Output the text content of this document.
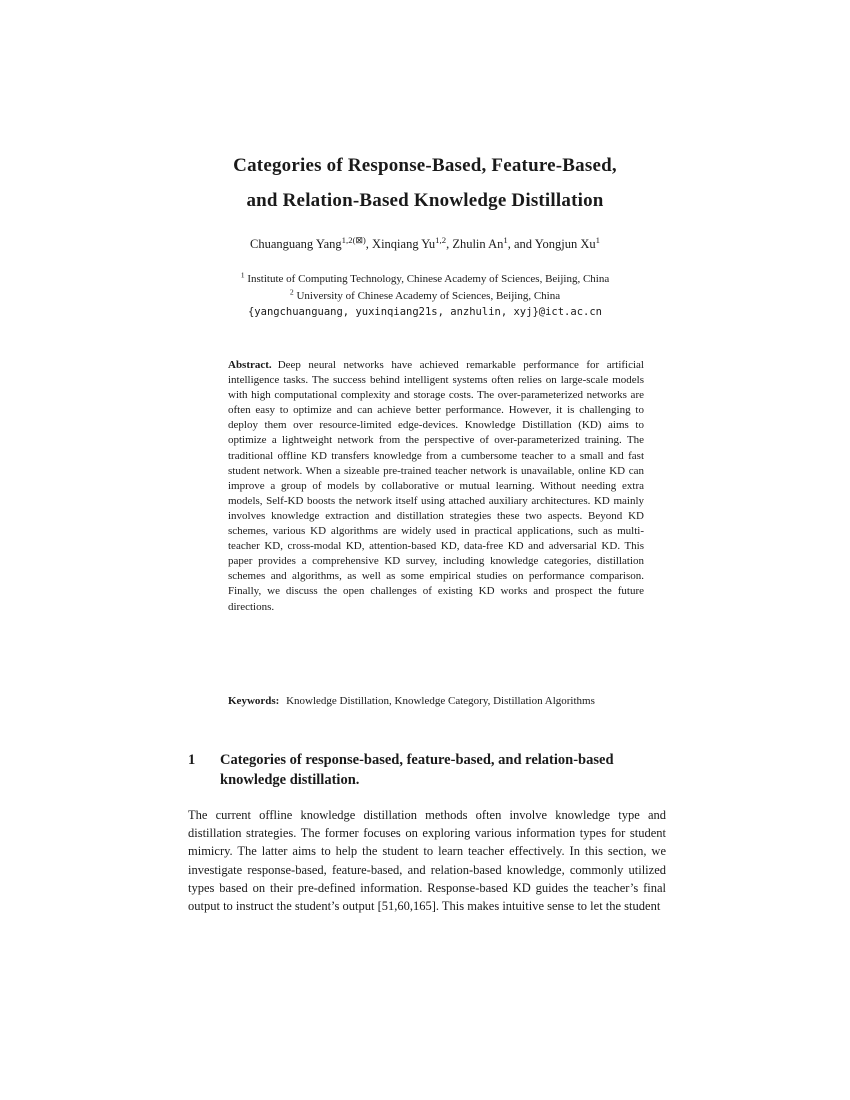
Categories of Response-Based, Feature-Based,
and Relation-Based Knowledge Distillation
Chuanguang Yang$^{1,2(⊠)}$, Xinqiang Yu$^{1,2}$, Zhulin An$^1$, and Yongjun Xu$^1$
$^1$ Institute of Computing Technology, Chinese Academy of Sciences, Beijing, China
$^2$ University of Chinese Academy of Sciences, Beijing, China
{yangchuanguang, yuxinqiang21s, anzhulin, xyj}@ict.ac.cn
Abstract. Deep neural networks have achieved remarkable performance for artificial intelligence tasks. The success behind intelligent systems often relies on large-scale models with high computational complexity and storage costs. The over-parameterized networks are often easy to optimize and can achieve better performance. However, it is challenging to deploy them over resource-limited edge-devices. Knowledge Distillation (KD) aims to optimize a lightweight network from the perspective of over-parameterized training. The traditional offline KD transfers knowledge from a cumbersome teacher to a small and fast student network. When a sizeable pre-trained teacher network is unavailable, online KD can improve a group of models by collaborative or mutual learning. Without needing extra models, Self-KD boosts the network itself using attached auxiliary architectures. KD mainly involves knowledge extraction and distillation strategies these two aspects. Beyond KD schemes, various KD algorithms are widely used in practical applications, such as multi-teacher KD, cross-modal KD, attention-based KD, data-free KD and adversarial KD. This paper provides a comprehensive KD survey, including knowledge categories, distillation schemes and algorithms, as well as some empirical studies on performance comparison. Finally, we discuss the open challenges of existing KD works and prospect the future directions.
Keywords: Knowledge Distillation, Knowledge Category, Distillation Algorithms
1	Categories of response-based, feature-based, and relation-based knowledge distillation.
The current offline knowledge distillation methods often involve knowledge type and distillation strategies. The former focuses on exploring various information types for student mimicry. The latter aims to help the student to learn teacher effectively. In this section, we investigate response-based, feature-based, and relation-based knowledge, commonly utilized types based on their pre-defined information. Response-based KD guides the teacher’s final output to instruct the student’s output [51,60,165]. This makes intuitive sense to let the student
